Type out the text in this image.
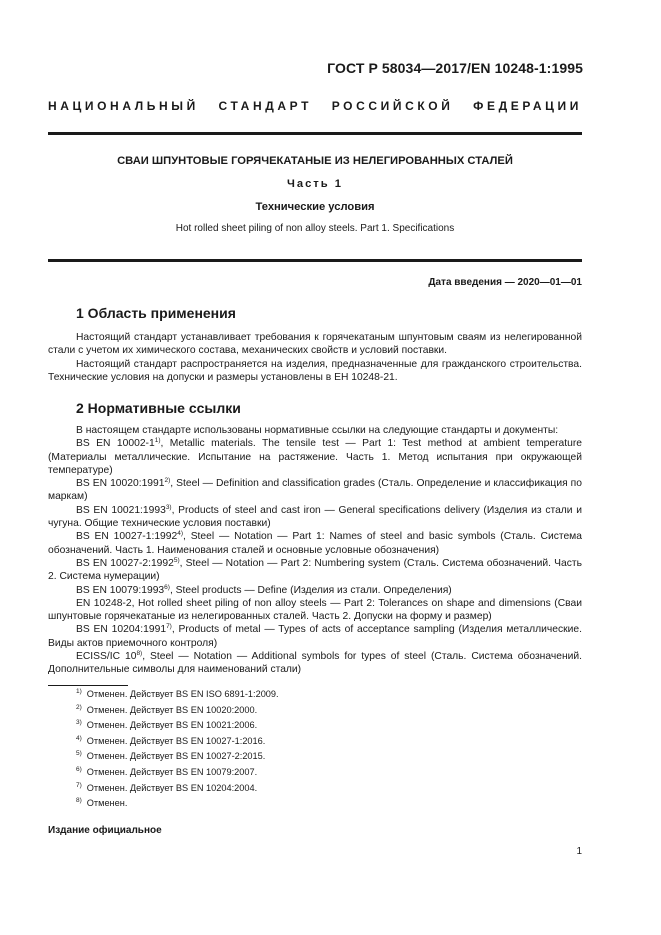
ГОСТ Р 58034—2017/EN 10248-1:1995
НАЦИОНАЛЬНЫЙ СТАНДАРТ РОССИЙСКОЙ ФЕДЕРАЦИИ
СВАИ ШПУНТОВЫЕ ГОРЯЧЕКАТАНЫЕ ИЗ НЕЛЕГИРОВАННЫХ СТАЛЕЙ
Часть 1
Технические условия
Hot rolled sheet piling of non alloy steels. Part 1. Specifications
Дата введения — 2020—01—01
1 Область применения

Настоящий стандарт устанавливает требования к горячекатаным шпунтовым сваям из нелегированной стали с учетом их химического состава, механических свойств и условий поставки.

Настоящий стандарт распространяется на изделия, предназначенные для гражданского строительства. Технические условия на допуски и размеры установлены в ЕН 10248-21.

2 Нормативные ссылки

В настоящем стандарте использованы нормативные ссылки на следующие стандарты и документы:

BS EN 10002-1$^{1)}$, Metallic materials. The tensile test — Part 1: Test method at ambient temperature (Материалы металлические. Испытание на растяжение. Часть 1. Метод испытания при окружающей температуре)

BS EN 10020:1991$^{2)}$, Steel — Definition and classification grades (Сталь. Определение и классификация по маркам)

BS EN 10021:1993$^{3)}$, Products of steel and cast iron — General specifications delivery (Изделия из стали и чугуна. Общие технические условия поставки)

BS EN 10027-1:1992$^{4)}$, Steel — Notation — Part 1: Names of steel and basic symbols (Сталь. Система обозначений. Часть 1. Наименования сталей и основные условные обозначения)

BS EN 10027-2:1992$^{5)}$, Steel — Notation — Part 2: Numbering system (Сталь. Система обозначений. Часть 2. Система нумерации)

BS EN 10079:1993$^{6)}$, Steel products — Define (Изделия из стали. Определения)

EN 10248-2, Hot rolled sheet piling of non alloy steels — Part 2: Tolerances on shape and dimensions (Сваи шпунтовые горячекатаные из нелегированных сталей. Часть 2. Допуски на форму и размер)

BS EN 10204:1991$^{7)}$, Products of metal — Types of acts of acceptance sampling (Изделия металлические. Виды актов приемочного контроля)

ECISS/IC 10$^{8)}$, Steel — Notation — Additional symbols for types of steel (Сталь. Система обозначений. Дополнительные символы для наименований стали)

$^{1)}$ Отменен. Действует BS EN ISO 6891-1:2009.
$^{2)}$ Отменен. Действует BS EN 10020:2000.
$^{3)}$ Отменен. Действует BS EN 10021:2006.
$^{4)}$ Отменен. Действует BS EN 10027-1:2016.
$^{5)}$ Отменен. Действует BS EN 10027-2:2015.
$^{6)}$ Отменен. Действует BS EN 10079:2007.
$^{7)}$ Отменен. Действует BS EN 10204:2004.
$^{8)}$ Отменен.
Издание официальное
1
